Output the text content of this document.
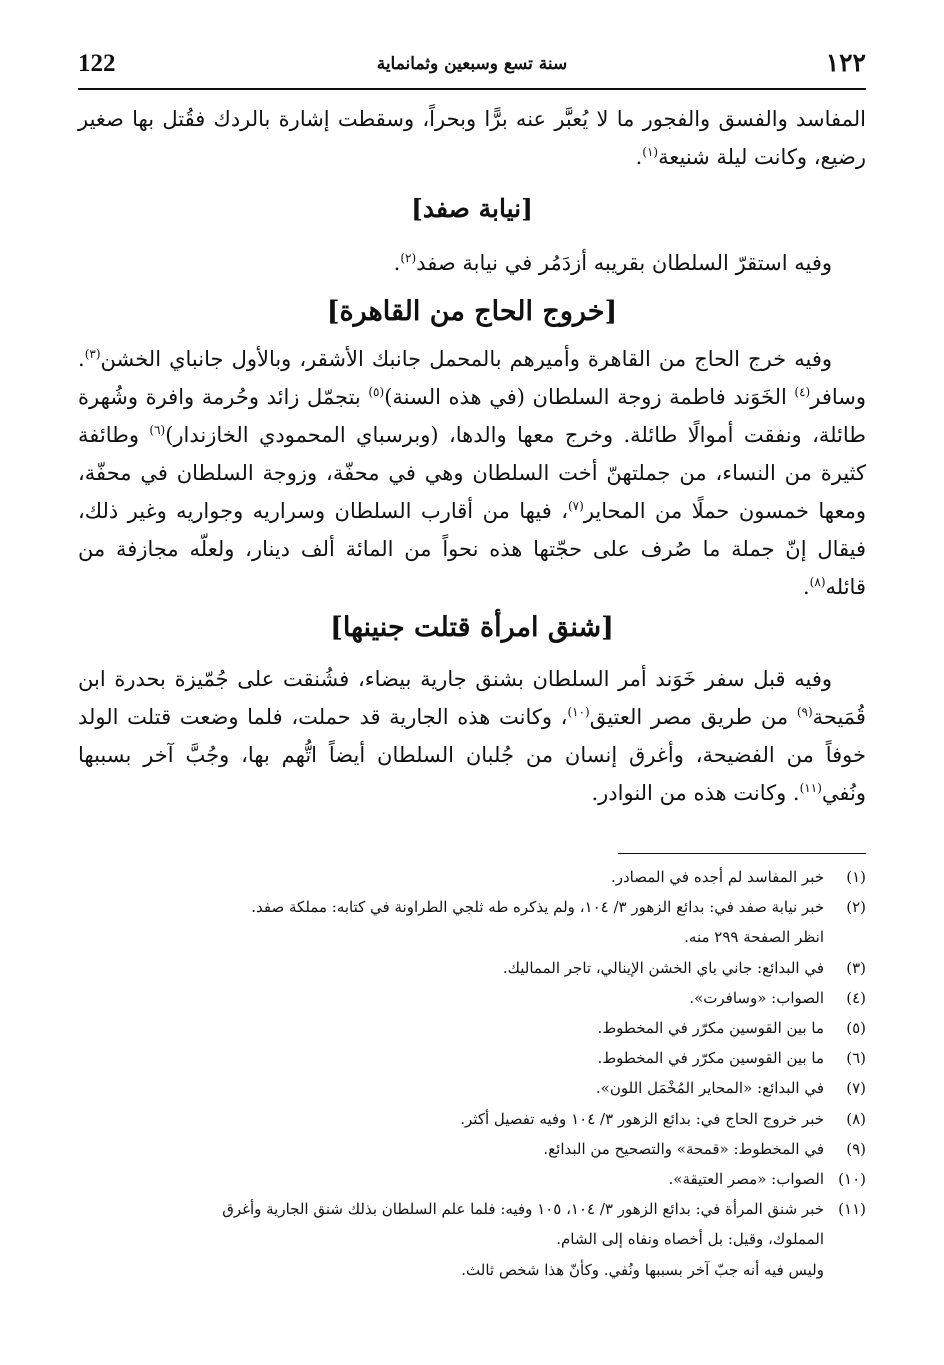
122	سنة تسع وسبعين وثمانماية	١٢٢

المفاسد والفسق والفجور ما لا يُعبَّر عنه برًّا وبحراً، وسقطت إشارة بالردك فقُتل بها صغير رضيع، وكانت ليلة شنيعة$^{(١)}$.

[نيابة صفد]

وفيه استقرّ السلطان بقريبه أزدَمُر في نيابة صفد$^{(٢)}$.

[خروج الحاج من القاهرة]

وفيه خرج الحاج من القاهرة وأميرهم بالمحمل جانبك الأشقر، وبالأول جانباي الخشن$^{(٣)}$. وسافر$^{(٤)}$ الخَوَند فاطمة زوجة السلطان (في هذه السنة)$^{(٥)}$ بتجمّل زائد وحُرمة وافرة وشُهرة طائلة، ونفقت أموالًا طائلة. وخرج معها والدها، (وبرسباي المحمودي الخازندار)$^{(٦)}$ وطائفة كثيرة من النساء، من جملتهنّ أخت السلطان وهي في محفّة، وزوجة السلطان في محفّة، ومعها خمسون حملًا من المحاير$^{(٧)}$، فيها من أقارب السلطان وسراريه وجواريه وغير ذلك، فيقال إنّ جملة ما صُرف على حجّتها هذه نحواً من المائة ألف دينار، ولعلّه مجازفة من قائله$^{(٨)}$.

[شنق امرأة قتلت جنينها]

وفيه قبل سفر خَوَند أمر السلطان بشنق جارية بيضاء، فشُنقت على جُمّيزة بحدرة ابن قُمَيحة$^{(٩)}$ من طريق مصر العتيق$^{(١٠)}$، وكانت هذه الجارية قد حملت، فلما وضعت قتلت الولد خوفاً من الفضيحة، وأغرق إنسان من جُلبان السلطان أيضاً اتُّهم بها، وجُبَّ آخر بسببها ونُفي$^{(١١)}$. وكانت هذه من النوادر.

(١)
خبر المفاسد لم أجده في المصادر.
(٢)
خبر نيابة صفد في: بدائع الزهور ٣/ ١٠٤، ولم يذكره طه ثلجي الطراونة في كتابه: مملكة صفد.
انظر الصفحة ٢٩٩ منه.
(٣)
في البدائع: جاني باي الخشن الإينالي، تاجر المماليك.
(٤)
الصواب: «وسافرت».
(٥)
ما بين القوسين مكرّر في المخطوط.
(٦)
ما بين القوسين مكرّر في المخطوط.
(٧)
في البدائع: «المحاير المُخْمَل اللون».
(٨)
خبر خروج الحاج في: بدائع الزهور ٣/ ١٠٤ وفيه تفصيل أكثر.
(٩)
في المخطوط: «قمحة» والتصحيح من البدائع.
(١٠)
الصواب: «مصر العتيقة».
(١١)
خبر شنق المرأة في: بدائع الزهور ٣/ ١٠٤، ١٠٥ وفيه: فلما علم السلطان بذلك شنق الجارية وأغرق
المملوك، وقيل: بل أخصاه ونفاه إلى الشام.
وليس فيه أنه جبّ آخر بسببها ونُفي. وكأنّ هذا شخص ثالث.
